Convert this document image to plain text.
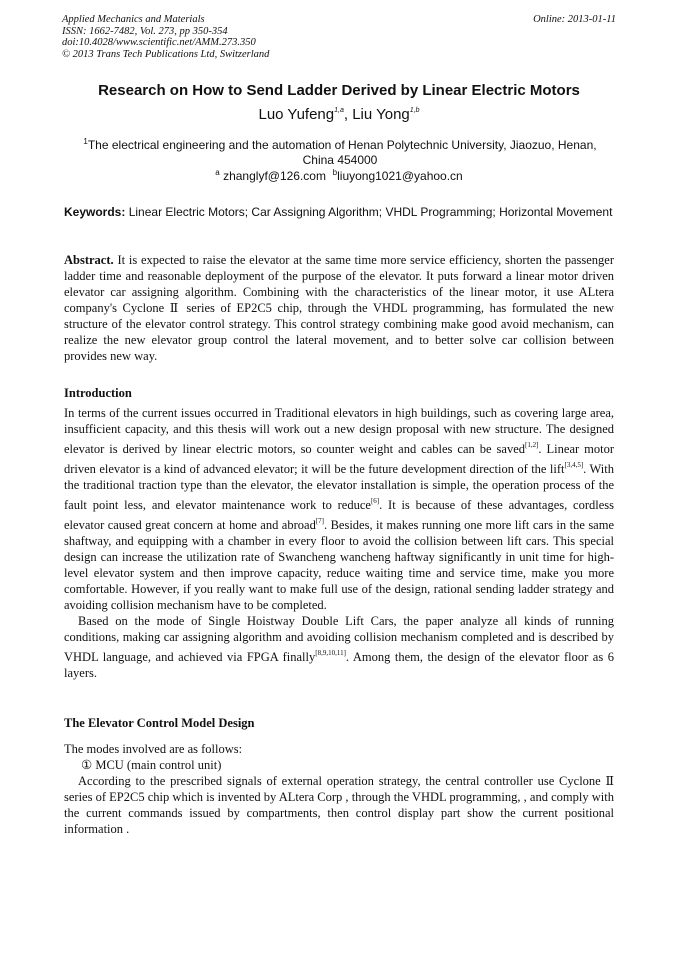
Applied Mechanics and Materials
ISSN: 1662-7482, Vol. 273, pp 350-354
doi:10.4028/www.scientific.net/AMM.273.350
© 2013 Trans Tech Publications Ltd, Switzerland
Online: 2013-01-11
Research on How to Send Ladder Derived by Linear Electric Motors
Luo Yufeng$^{1,a}$, Liu Yong$^{1,b}$
$^1$The electrical engineering and the automation of Henan Polytechnic University, Jiaozuo, Henan, China 454000
$^a$ zhanglyf@126.com $^b$liuyong1021@yahoo.cn
Keywords: Linear Electric Motors; Car Assigning Algorithm; VHDL Programming; Horizontal Movement

Abstract. It is expected to raise the elevator at the same time more service efficiency, shorten the passenger ladder time and reasonable deployment of the purpose of the elevator. It puts forward a linear motor driven elevator car assigning algorithm. Combining with the characteristics of the linear motor, it use ALtera company's Cyclone Ⅱ series of EP2C5 chip, through the VHDL programming, has formulated the new structure of the elevator control strategy. This control strategy combining make good avoid mechanism, can realize the new elevator group control the lateral movement, and to better solve car collision between provides new way.

Introduction

In terms of the current issues occurred in Traditional elevators in high buildings, such as covering large area, insufficient capacity, and this thesis will work out a new design proposal with new structure. The designed elevator is derived by linear electric motors, so counter weight and cables can be saved[1,2]. Linear motor driven elevator is a kind of advanced elevator; it will be the future development direction of the lift[3,4,5]. With the traditional traction type than the elevator, the elevator installation is simple, the operation process of the fault point less, and elevator maintenance work to reduce[6]. It is because of these advantages, cordless elevator caused great concern at home and abroad[7]. Besides, it makes running one more lift cars in the same shaftway, and equipping with a chamber in every floor to avoid the collision between lift cars. This special design can increase the utilization rate of Swancheng wancheng haftway significantly in unit time for high-level elevator system and then improve capacity, reduce waiting time and service time, make you more comfortable. However, if you really want to make full use of the design, rational sending ladder strategy and avoiding collision mechanism have to be completed.

Based on the mode of Single Hoistway Double Lift Cars, the paper analyze all kinds of running conditions, making car assigning algorithm and avoiding collision mechanism completed and is described by VHDL language, and achieved via FPGA finally[8,9,10,11]. Among them, the design of the elevator floor as 6 layers.

The Elevator Control Model Design

The modes involved are as follows:

① MCU (main control unit)

According to the prescribed signals of external operation strategy, the central controller use Cyclone Ⅱ series of EP2C5 chip which is invented by ALtera Corp , through the VHDL programming, , and comply with the current commands issued by compartments, then control display part show the current positional information .
